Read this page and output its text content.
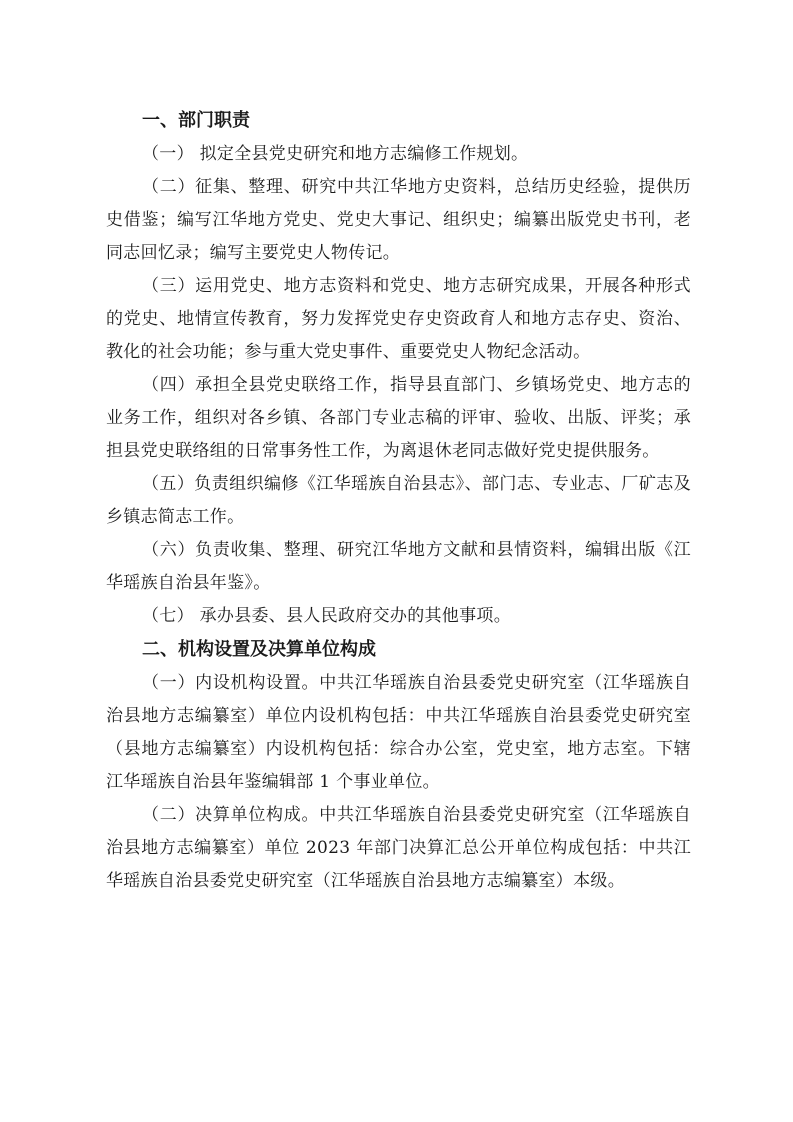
一、部门职责

（一） 拟定全县党史研究和地方志编修工作规划。

（二）征集、整理、研究中共江华地方史资料，总结历史经验，提供历史借鉴；编写江华地方党史、党史大事记、组织史；编纂出版党史书刊，老同志回忆录；编写主要党史人物传记。

（三）运用党史、地方志资料和党史、地方志研究成果，开展各种形式的党史、地情宣传教育，努力发挥党史存史资政育人和地方志存史、资治、教化的社会功能；参与重大党史事件、重要党史人物纪念活动。

（四）承担全县党史联络工作，指导县直部门、乡镇场党史、地方志的业务工作，组织对各乡镇、各部门专业志稿的评审、验收、出版、评奖；承担县党史联络组的日常事务性工作，为离退休老同志做好党史提供服务。

（五）负责组织编修《江华瑶族自治县志》、部门志、专业志、厂矿志及乡镇志简志工作。

（六）负责收集、整理、研究江华地方文献和县情资料，编辑出版《江华瑶族自治县年鉴》。

（七） 承办县委、县人民政府交办的其他事项。

二、机构设置及决算单位构成

（一）内设机构设置。中共江华瑶族自治县委党史研究室（江华瑶族自治县地方志编纂室）单位内设机构包括：中共江华瑶族自治县委党史研究室（县地方志编纂室）内设机构包括：综合办公室，党史室，地方志室。下辖江华瑶族自治县年鉴编辑部 1 个事业单位。

（二）决算单位构成。中共江华瑶族自治县委党史研究室（江华瑶族自治县地方志编纂室）单位 2023 年部门决算汇总公开单位构成包括：中共江华瑶族自治县委党史研究室（江华瑶族自治县地方志编纂室）本级。
